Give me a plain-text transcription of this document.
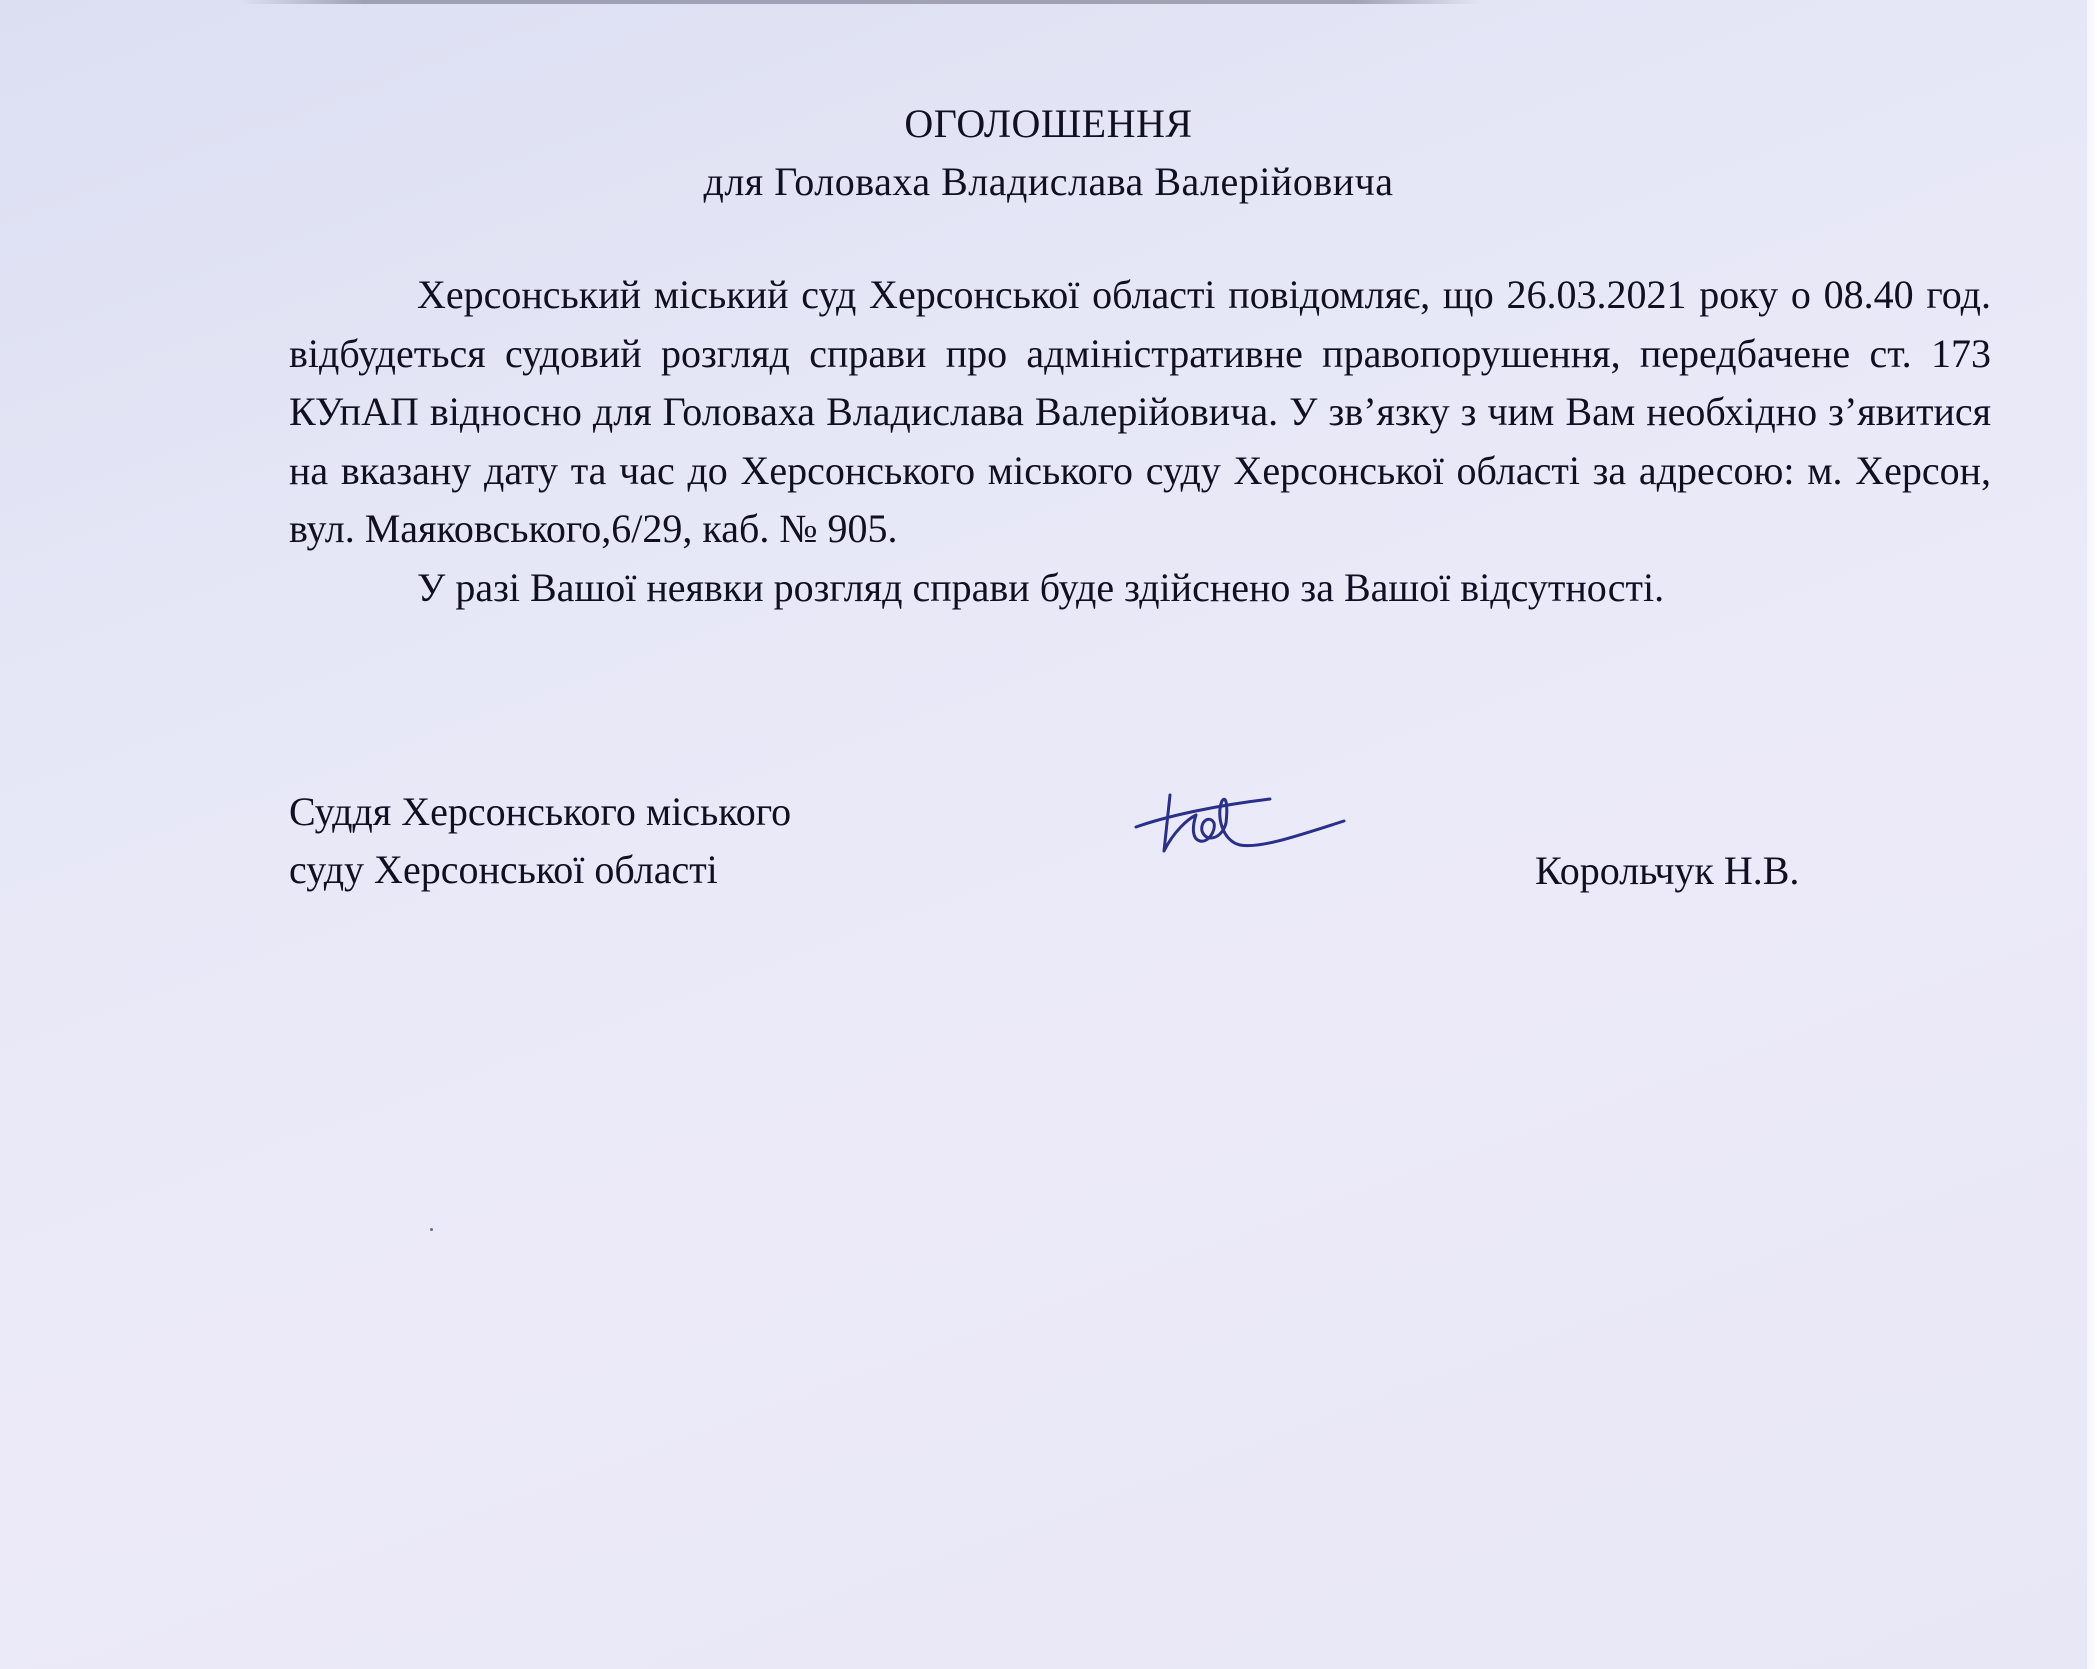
ОГОЛОШЕННЯ
для Головаха Владислава Валерійовича

Херсонський міський суд Херсонської області повідомляє, що 26.03.2021 року о 08.40 год. відбудеться судовий розгляд справи про адміністративне правопорушення, передбачене ст. 173 КУпАП відносно для Головаха Владислава Валерійовича. У зв’язку з чим Вам необхідно з’явитися на вказану дату та час до Херсонського міського суду Херсонської області за адресою: м. Херсон, вул. Маяковського,6/29, каб. № 905.

У разі Вашої неявки розгляд справи буде здійснено за Вашої відсутності.

Суддя Херсонського міського
суду Херсонської області	Корольчук Н.В.
